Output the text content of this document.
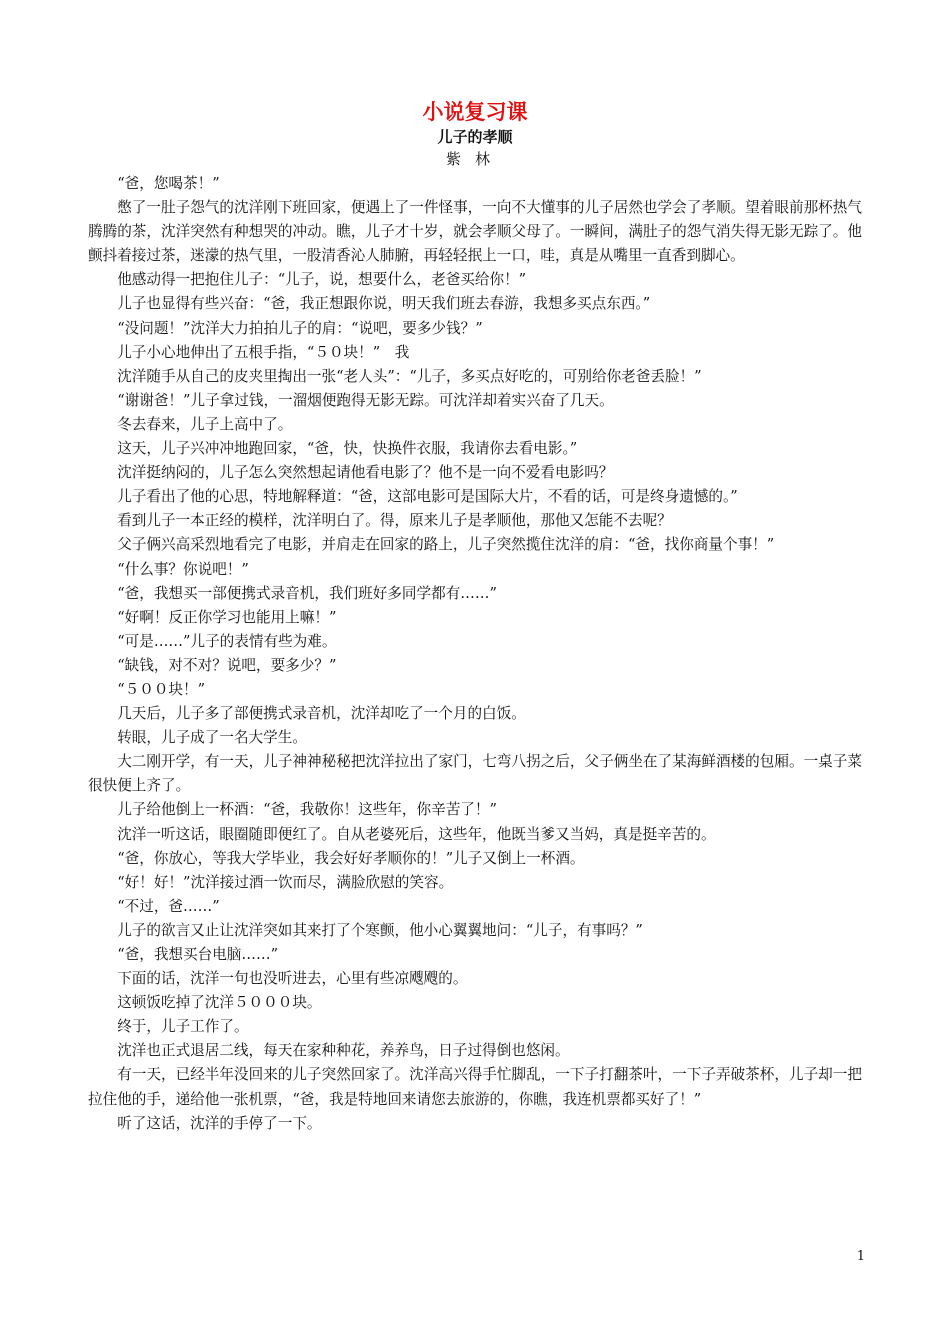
小说复习课
儿子的孝顺
紫林

“爸，您喝茶！”

憋了一肚子怨气的沈洋刚下班回家，便遇上了一件怪事，一向不大懂事的儿子居然也学会了孝顺。望着眼前那杯热气腾腾的茶，沈洋突然有种想哭的冲动。瞧，儿子才十岁，就会孝顺父母了。一瞬间，满肚子的怨气消失得无影无踪了。他颤抖着接过茶，迷濛的热气里，一股清香沁人肺腑，再轻轻抿上一口，哇，真是从嘴里一直香到脚心。

他感动得一把抱住儿子：“儿子，说，想要什么，老爸买给你！”

儿子也显得有些兴奋：“爸，我正想跟你说，明天我们班去春游，我想多买点东西。”

“没问题！”沈洋大力拍拍儿子的肩：“说吧，要多少钱？”

儿子小心地伸出了五根手指，“５０块！”　我

沈洋随手从自己的皮夹里掏出一张“老人头”：“儿子，多买点好吃的，可别给你老爸丢脸！”

“谢谢爸！”儿子拿过钱，一溜烟便跑得无影无踪。可沈洋却着实兴奋了几天。

冬去春来，儿子上高中了。

这天，儿子兴冲冲地跑回家，“爸，快，快换件衣服，我请你去看电影。”

沈洋挺纳闷的，儿子怎么突然想起请他看电影了？他不是一向不爱看电影吗？

儿子看出了他的心思，特地解释道：“爸，这部电影可是国际大片，不看的话，可是终身遗憾的。”

看到儿子一本正经的模样，沈洋明白了。得，原来儿子是孝顺他，那他又怎能不去呢？

父子俩兴高采烈地看完了电影，并肩走在回家的路上，儿子突然揽住沈洋的肩：“爸，找你商量个事！”

“什么事？你说吧！”

“爸，我想买一部便携式录音机，我们班好多同学都有……”

“好啊！反正你学习也能用上嘛！”

“可是……”儿子的表情有些为难。

“缺钱，对不对？说吧，要多少？”

“５００块！”

几天后，儿子多了部便携式录音机，沈洋却吃了一个月的白饭。

转眼，儿子成了一名大学生。

大二刚开学，有一天，儿子神神秘秘把沈洋拉出了家门，七弯八拐之后，父子俩坐在了某海鲜酒楼的包厢。一桌子菜很快便上齐了。

儿子给他倒上一杯酒：“爸，我敬你！这些年，你辛苦了！”

沈洋一听这话，眼圈随即便红了。自从老婆死后，这些年，他既当爹又当妈，真是挺辛苦的。

“爸，你放心，等我大学毕业，我会好好孝顺你的！”儿子又倒上一杯酒。

“好！好！”沈洋接过酒一饮而尽，满脸欣慰的笑容。

“不过，爸……”

儿子的欲言又止让沈洋突如其来打了个寒颤，他小心翼翼地问：“儿子，有事吗？”

“爸，我想买台电脑……”

下面的话，沈洋一句也没听进去，心里有些凉飕飕的。

这顿饭吃掉了沈洋５０００块。

终于，儿子工作了。

沈洋也正式退居二线，每天在家种种花，养养鸟，日子过得倒也悠闲。

有一天，已经半年没回来的儿子突然回家了。沈洋高兴得手忙脚乱，一下子打翻茶叶，一下子弄破茶杯，儿子却一把拉住他的手，递给他一张机票，“爸，我是特地回来请您去旅游的，你瞧，我连机票都买好了！”

听了这话，沈洋的手停了一下。

1
